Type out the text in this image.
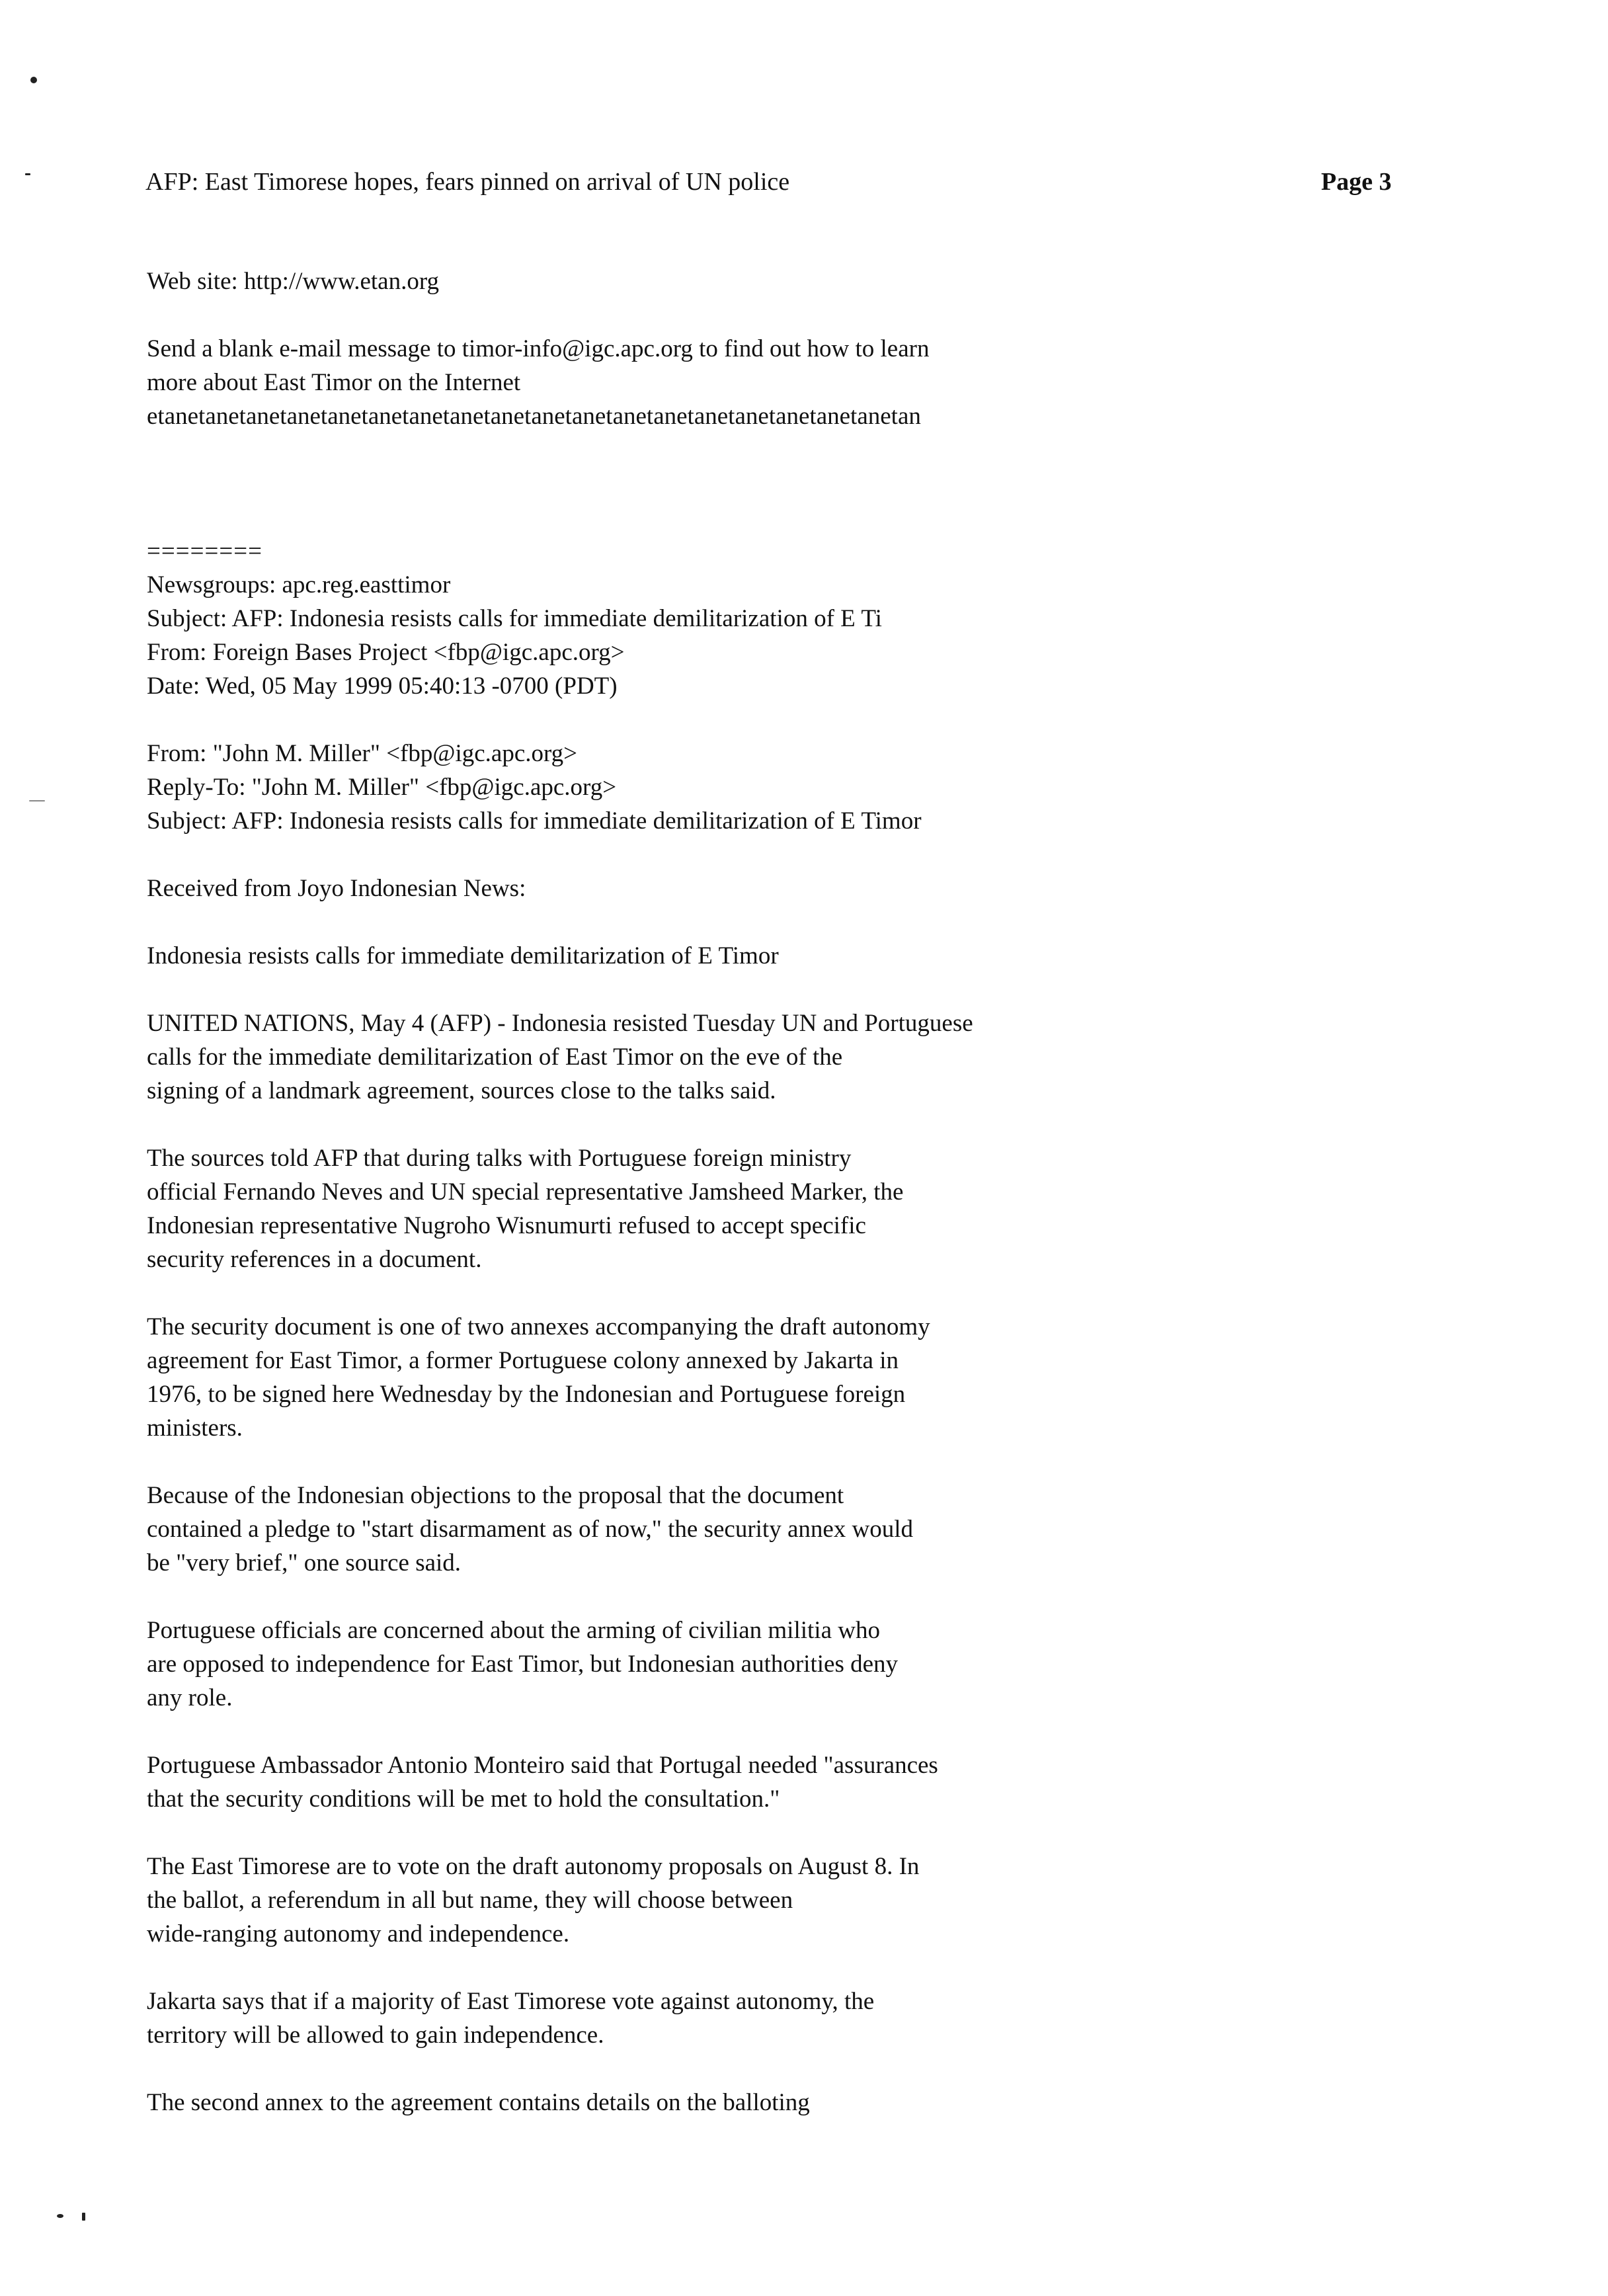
AFP: East Timorese hopes, fears pinned on arrival of UN police	Page 3
Web site: http://www.etan.org
Send a blank e-mail message to timor-info@igc.apc.org to find out how to learn
more about East Timor on the Internet
etanetanetanetanetanetanetanetanetanetanetanetanetanetanetanetanetanetanetan
========
Newsgroups: apc.reg.easttimor
Subject: AFP: Indonesia resists calls for immediate demilitarization of E Ti
From: Foreign Bases Project <fbp@igc.apc.org>
Date: Wed, 05 May 1999 05:40:13 -0700 (PDT)
From: "John M. Miller" <fbp@igc.apc.org>
Reply-To: "John M. Miller" <fbp@igc.apc.org>
Subject: AFP: Indonesia resists calls for immediate demilitarization of E Timor
Received from Joyo Indonesian News:
Indonesia resists calls for immediate demilitarization of E Timor
UNITED NATIONS, May 4 (AFP) - Indonesia resisted Tuesday UN and Portuguese
calls for the immediate demilitarization of East Timor on the eve of the
signing of a landmark agreement, sources close to the talks said.
The sources told AFP that during talks with Portuguese foreign ministry
official Fernando Neves and UN special representative Jamsheed Marker, the
Indonesian representative Nugroho Wisnumurti refused to accept specific
security references in a document.
The security document is one of two annexes accompanying the draft autonomy
agreement for East Timor, a former Portuguese colony annexed by Jakarta in
1976, to be signed here Wednesday by the Indonesian and Portuguese foreign
ministers.
Because of the Indonesian objections to the proposal that the document
contained a pledge to "start disarmament as of now," the security annex would
be "very brief," one source said.
Portuguese officials are concerned about the arming of civilian militia who
are opposed to independence for East Timor, but Indonesian authorities deny
any role.
Portuguese Ambassador Antonio Monteiro said that Portugal needed "assurances
that the security conditions will be met to hold the consultation."
The East Timorese are to vote on the draft autonomy proposals on August 8. In
the ballot, a referendum in all but name, they will choose between
wide-ranging autonomy and independence.
Jakarta says that if a majority of East Timorese vote against autonomy, the
territory will be allowed to gain independence.
The second annex to the agreement contains details on the balloting
